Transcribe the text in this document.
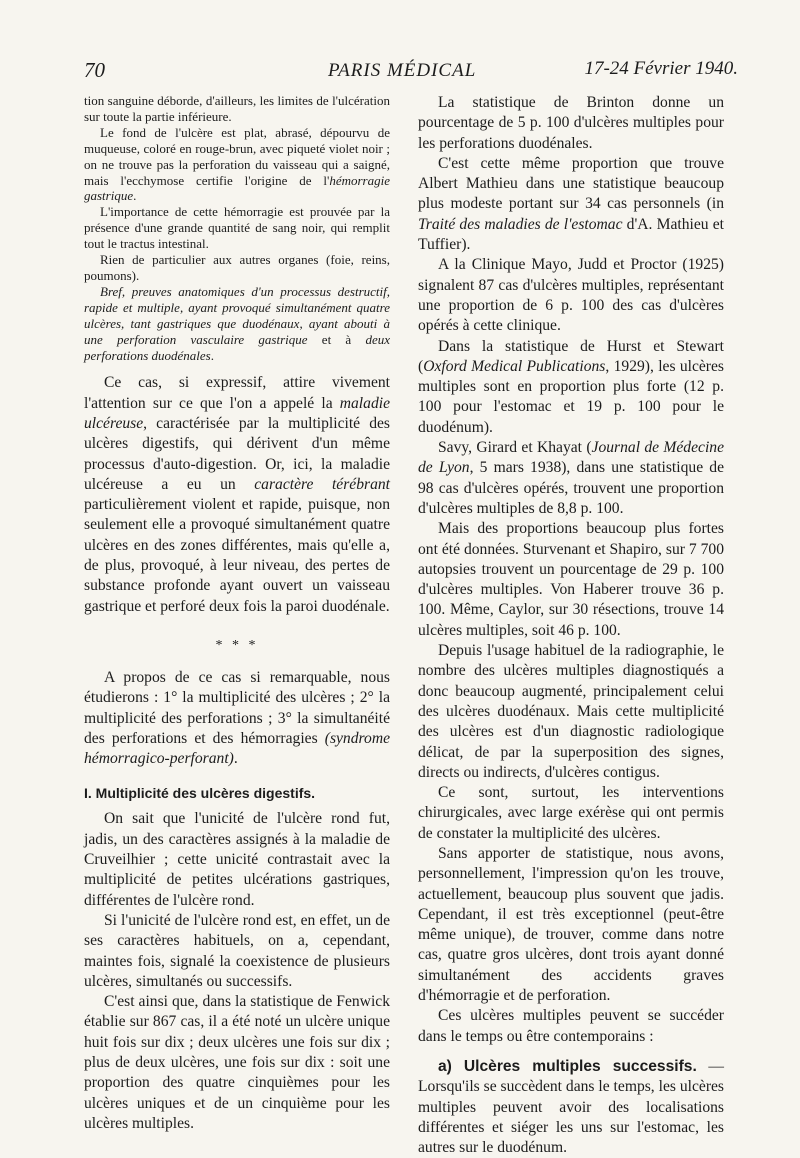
70	PARIS MÉDICAL	17-24 Février 1940.

tion sanguine déborde, d'ailleurs, les limites de l'ulcération sur toute la partie inférieure.

Le fond de l'ulcère est plat, abrasé, dépourvu de muqueuse, coloré en rouge-brun, avec piqueté violet noir ; on ne trouve pas la perforation du vaisseau qui a saigné, mais l'ecchymose certifie l'origine de l'hémorragie gastrique.

L'importance de cette hémorragie est prouvée par la présence d'une grande quantité de sang noir, qui remplit tout le tractus intestinal.

Rien de particulier aux autres organes (foie, reins, poumons).

Bref, preuves anatomiques d'un processus destructif, rapide et multiple, ayant provoqué simultanément quatre ulcères, tant gastriques que duodénaux, ayant abouti à une perforation vasculaire gastrique et à deux perforations duodénales.

Ce cas, si expressif, attire vivement l'attention sur ce que l'on a appelé la maladie ulcéreuse, caractérisée par la multiplicité des ulcères digestifs, qui dérivent d'un même processus d'auto-digestion. Or, ici, la maladie ulcéreuse a eu un caractère térébrant particulièrement violent et rapide, puisque, non seulement elle a provoqué simultanément quatre ulcères en des zones différentes, mais qu'elle a, de plus, provoqué, à leur niveau, des pertes de substance profonde ayant ouvert un vaisseau gastrique et perforé deux fois la paroi duodénale.

* * *

A propos de ce cas si remarquable, nous étudierons : 1° la multiplicité des ulcères ; 2° la multiplicité des perforations ; 3° la simultanéité des perforations et des hémorragies (syndrome hémorragico-perforant).

I. Multiplicité des ulcères digestifs.

On sait que l'unicité de l'ulcère rond fut, jadis, un des caractères assignés à la maladie de Cruveilhier ; cette unicité contrastait avec la multiplicité de petites ulcérations gastriques, différentes de l'ulcère rond.

Si l'unicité de l'ulcère rond est, en effet, un de ses caractères habituels, on a, cependant, maintes fois, signalé la coexistence de plusieurs ulcères, simultanés ou successifs.

C'est ainsi que, dans la statistique de Fenwick établie sur 867 cas, il a été noté un ulcère unique huit fois sur dix ; deux ulcères une fois sur dix ; plus de deux ulcères, une fois sur dix : soit une proportion des quatre cinquièmes pour les ulcères uniques et de un cinquième pour les ulcères multiples.

La statistique de Brinton donne un pourcentage de 5 p. 100 d'ulcères multiples pour les perforations duodénales.

C'est cette même proportion que trouve Albert Mathieu dans une statistique beaucoup plus modeste portant sur 34 cas personnels (in Traité des maladies de l'estomac d'A. Mathieu et Tuffier).

A la Clinique Mayo, Judd et Proctor (1925) signalent 87 cas d'ulcères multiples, représentant une proportion de 6 p. 100 des cas d'ulcères opérés à cette clinique.

Dans la statistique de Hurst et Stewart (Oxford Medical Publications, 1929), les ulcères multiples sont en proportion plus forte (12 p. 100 pour l'estomac et 19 p. 100 pour le duodénum).

Savy, Girard et Khayat (Journal de Médecine de Lyon, 5 mars 1938), dans une statistique de 98 cas d'ulcères opérés, trouvent une proportion d'ulcères multiples de 8,8 p. 100.

Mais des proportions beaucoup plus fortes ont été données. Sturvenant et Shapiro, sur 7 700 autopsies trouvent un pourcentage de 29 p. 100 d'ulcères multiples. Von Haberer trouve 36 p. 100. Même, Caylor, sur 30 résections, trouve 14 ulcères multiples, soit 46 p. 100.

Depuis l'usage habituel de la radiographie, le nombre des ulcères multiples diagnostiqués a donc beaucoup augmenté, principalement celui des ulcères duodénaux. Mais cette multiplicité des ulcères est d'un diagnostic radiologique délicat, de par la superposition des signes, directs ou indirects, d'ulcères contigus.

Ce sont, surtout, les interventions chirurgicales, avec large exérèse qui ont permis de constater la multiplicité des ulcères.

Sans apporter de statistique, nous avons, personnellement, l'impression qu'on les trouve, actuellement, beaucoup plus souvent que jadis. Cependant, il est très exceptionnel (peut-être même unique), de trouver, comme dans notre cas, quatre gros ulcères, dont trois ayant donné simultanément des accidents graves d'hémorragie et de perforation.

Ces ulcères multiples peuvent se succéder dans le temps ou être contemporains :

a) Ulcères multiples successifs. — Lorsqu'ils se succèdent dans le temps, les ulcères multiples peuvent avoir des localisations différentes et siéger les uns sur l'estomac, les autres sur le duodénum.
